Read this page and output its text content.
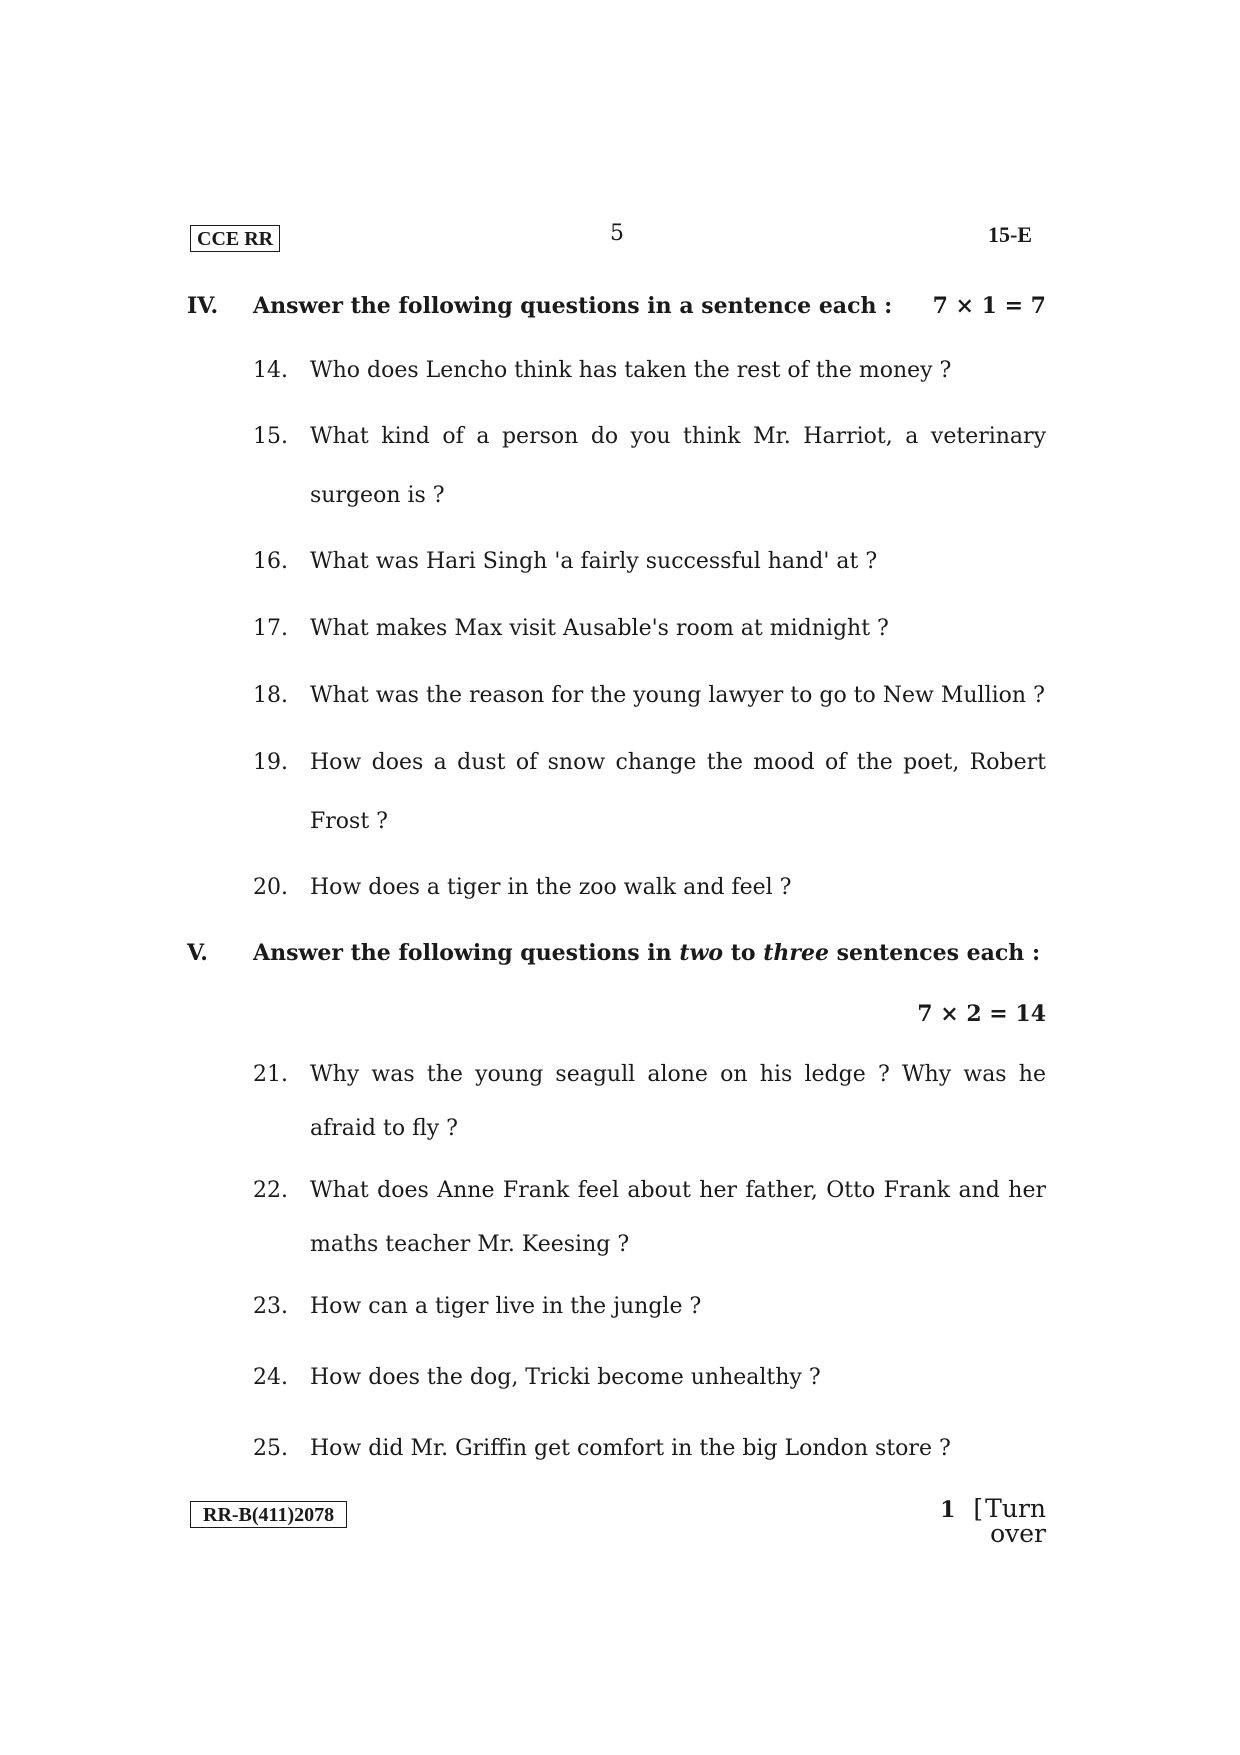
CCE RR	5	15-E
IV. Answer the following questions in a sentence each :	7 × 1 = 7
14. Who does Lencho think has taken the rest of the money ?
15. What kind of a person do you think Mr. Harriot, a veterinary
surgeon is ?
16. What was Hari Singh 'a fairly successful hand' at ?
17. What makes Max visit Ausable's room at midnight ?
18. What was the reason for the young lawyer to go to New Mullion ?
19. How does a dust of snow change the mood of the poet, Robert
Frost ?
20. How does a tiger in the zoo walk and feel ?
V. Answer the following questions in two to three sentences each :
7 × 2 = 14
21. Why was the young seagull alone on his ledge ? Why was he
afraid to fly ?
22. What does Anne Frank feel about her father, Otto Frank and her
maths teacher Mr. Keesing ?
23. How can a tiger live in the jungle ?
24. How does the dog, Tricki become unhealthy ?
25. How did Mr. Griffin get comfort in the big London store ?
RR-B(411)2078	1 [Turn over
